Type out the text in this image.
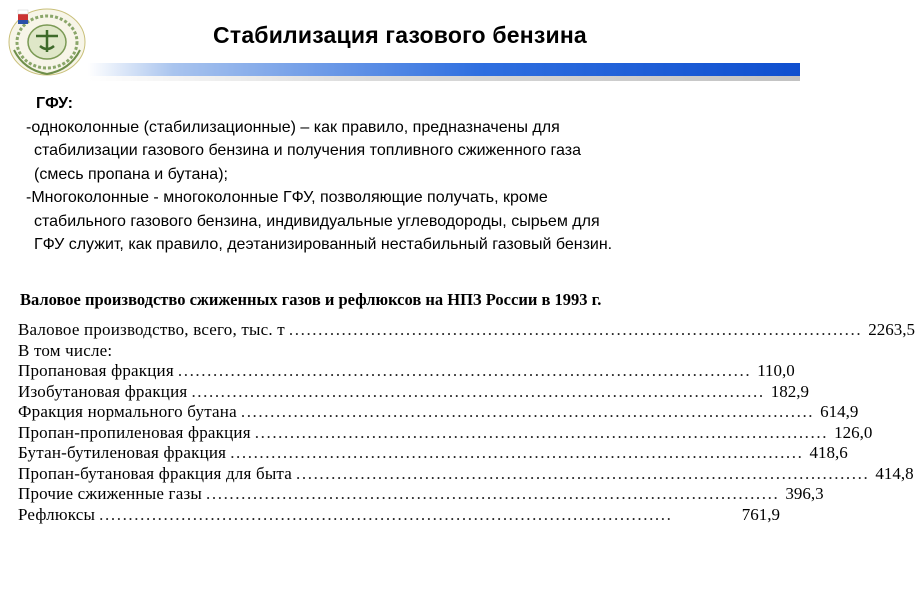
Стабилизация газового бензина
ГФУ:
-одноколонные (стабилизационные) – как правило, предназначены для
стабилизации газового бензина и получения топливного сжиженного газа
(смесь пропана и бутана);
-Многоколонные - многоколонные ГФУ, позволяющие получать, кроме
стабильного газового бензина, индивидуальные углеводороды, сырьем для
ГФУ служит, как правило, деэтанизированный нестабильный газовый бензин.
Валовое производство сжиженных газов и рефлюксов на НПЗ России в 1993 г.
Валовое производство, всего, тыс. т .................................................................................................. 2263,5
В том числе:
Пропановая фракция .................................................................................................. 110,0
Изобутановая фракция .................................................................................................. 182,9
Фракция нормального бутана .................................................................................................. 614,9
Пропан-пропиленовая фракция .................................................................................................. 126,0
Бутан-бутиленовая фракция .................................................................................................. 418,6
Пропан-бутановая фракция для быта .................................................................................................. 414,8
Прочие сжиженные газы .................................................................................................. 396,3
Рефлюксы ..................................................................................................	761,9
